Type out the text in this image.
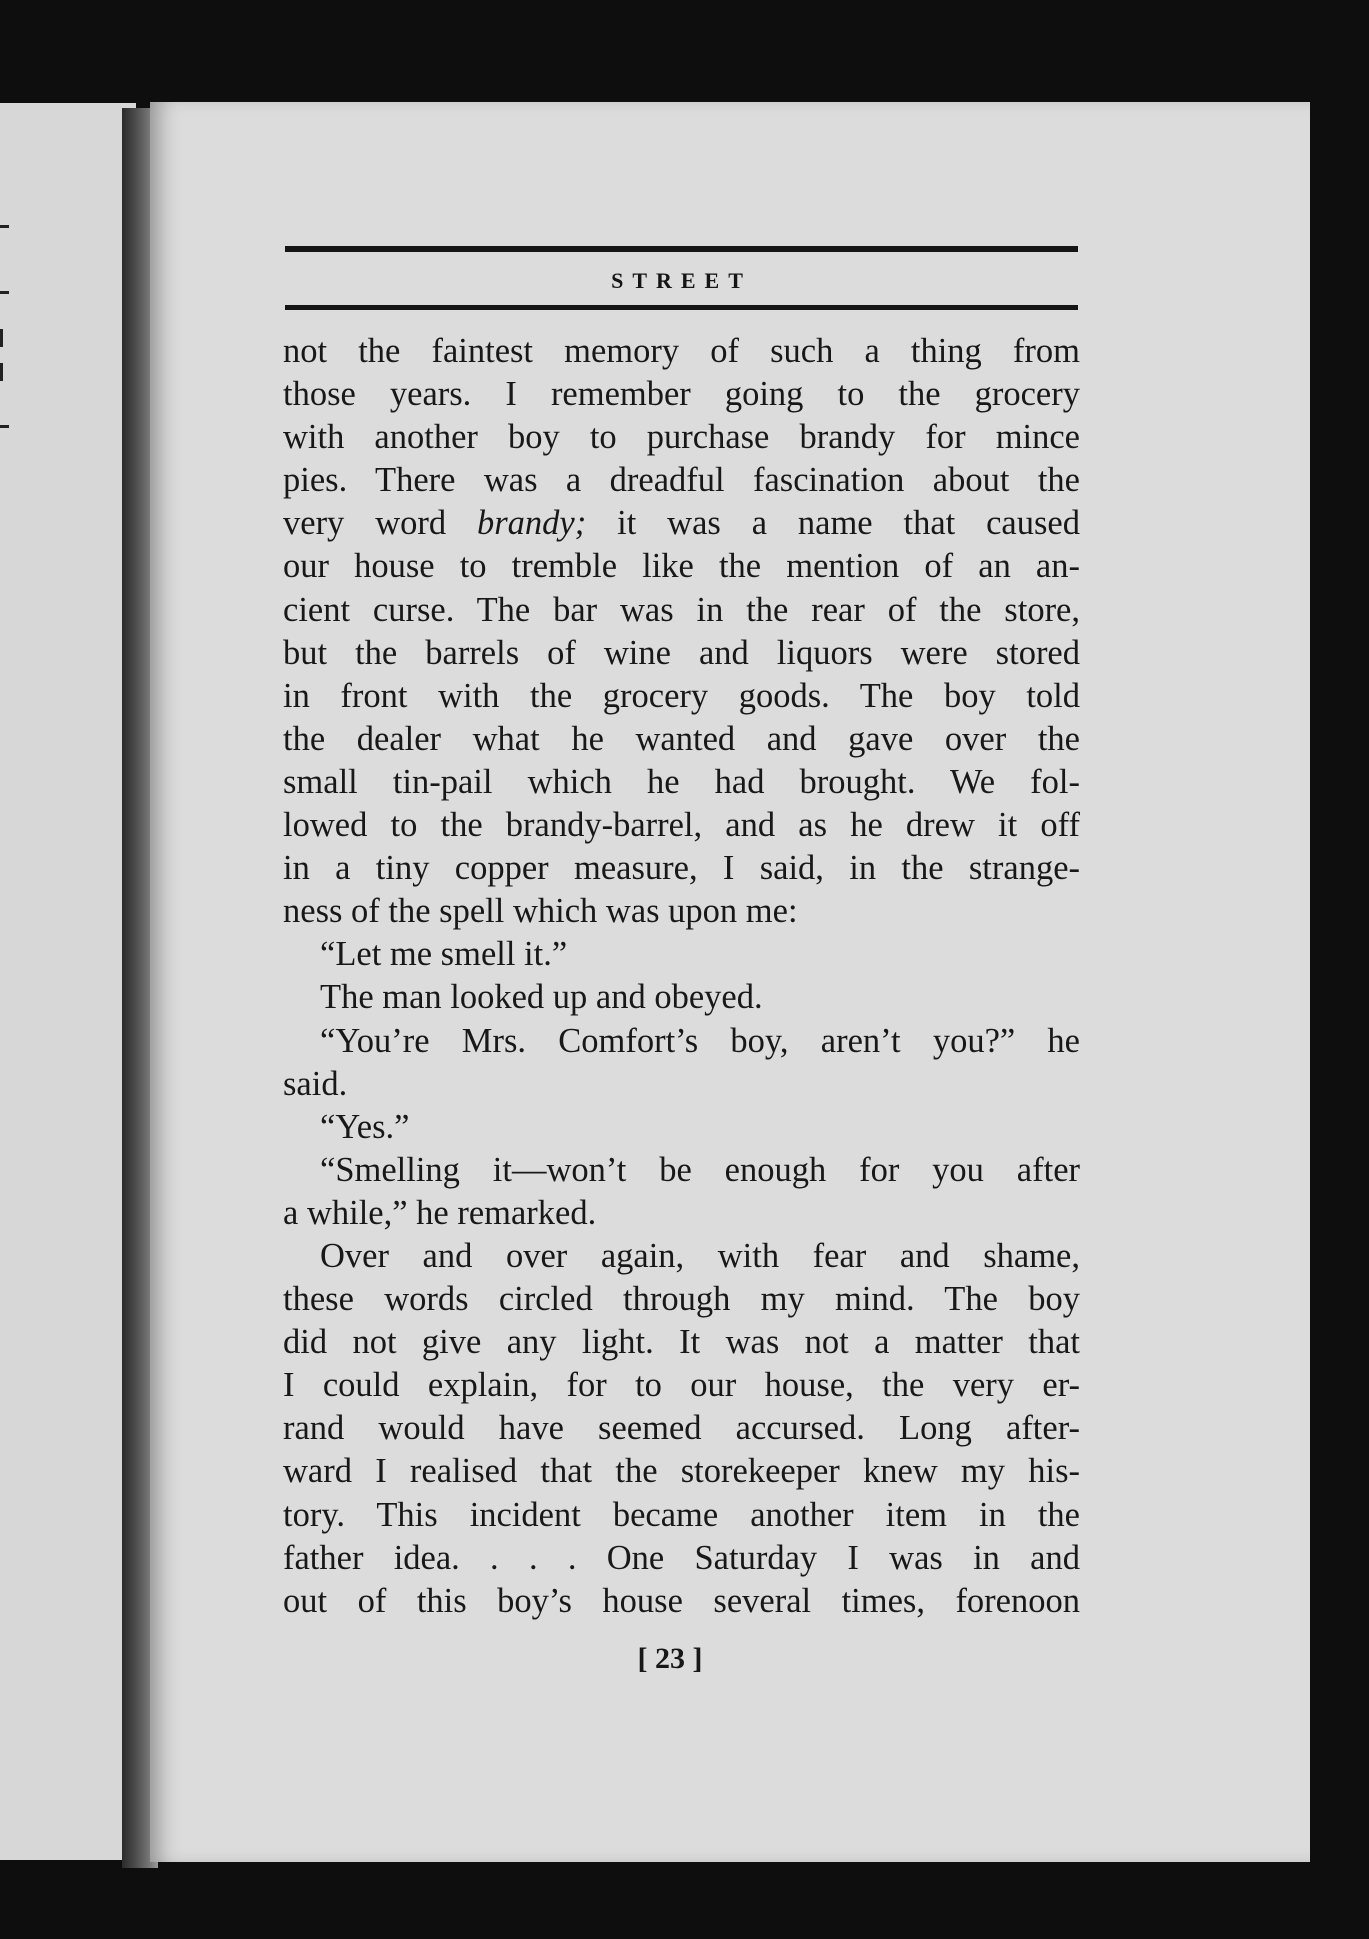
STREET
not the faintest memory of such a thing from
those years. I remember going to the grocery
with another boy to purchase brandy for mince
pies. There was a dreadful fascination about the
very word brandy; it was a name that caused
our house to tremble like the mention of an an-
cient curse. The bar was in the rear of the store,
but the barrels of wine and liquors were stored
in front with the grocery goods. The boy told
the dealer what he wanted and gave over the
small tin-pail which he had brought. We fol-
lowed to the brandy-barrel, and as he drew it off
in a tiny copper measure, I said, in the strange-
ness of the spell which was upon me:
“Let me smell it.”
The man looked up and obeyed.
“You’re Mrs. Comfort’s boy, aren’t you?” he
said.
“Yes.”
“Smelling it—won’t be enough for you after
a while,” he remarked.
Over and over again, with fear and shame,
these words circled through my mind. The boy
did not give any light. It was not a matter that
I could explain, for to our house, the very er-
rand would have seemed accursed. Long after-
ward I realised that the storekeeper knew my his-
tory. This incident became another item in the
father idea. . . . One Saturday I was in and
out of this boy’s house several times, forenoon
[ 23 ]
